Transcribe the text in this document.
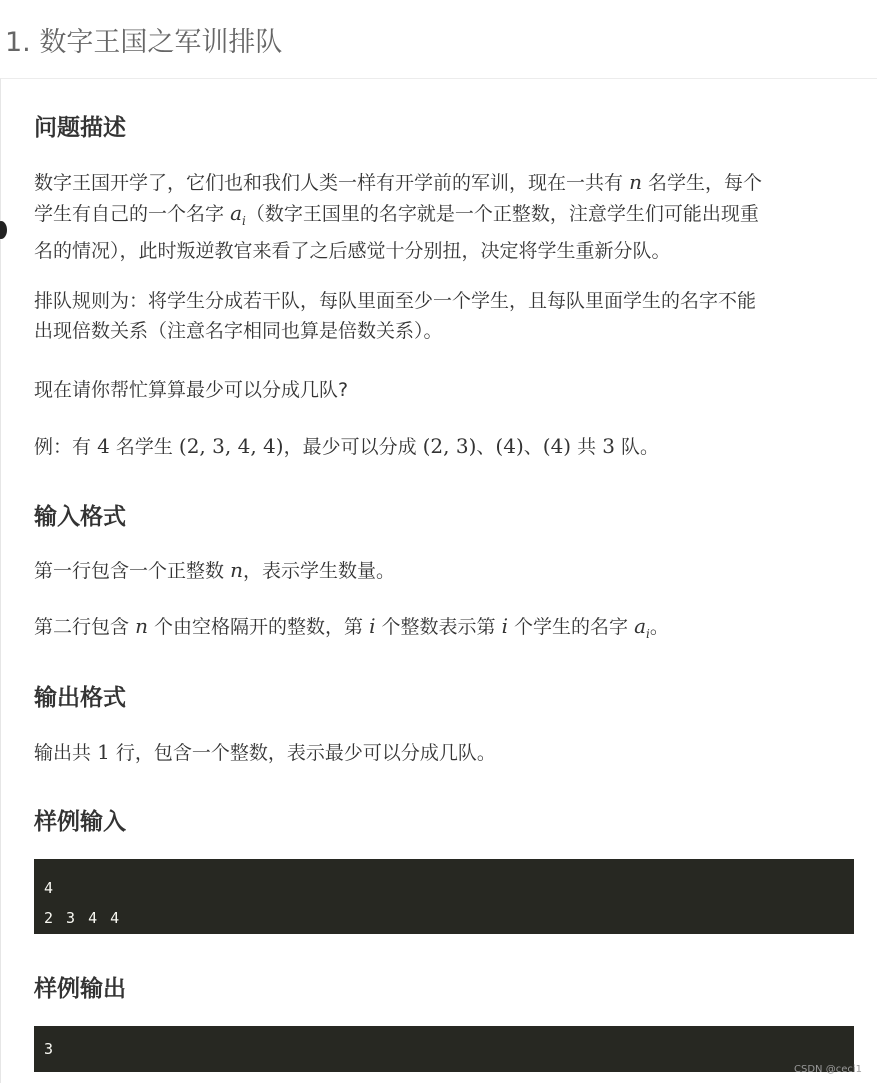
1. 数字王国之军训排队
问题描述
数字王国开学了，它们也和我们人类一样有开学前的军训，现在一共有 n 名学生，每个
学生有自己的一个名字 $a_i$（数字王国里的名字就是一个正整数，注意学生们可能出现重
名的情况），此时叛逆教官来看了之后感觉十分别扭，决定将学生重新分队。
排队规则为：将学生分成若干队，每队里面至少一个学生，且每队里面学生的名字不能
出现倍数关系（注意名字相同也算是倍数关系）。
现在请你帮忙算算最少可以分成几队?
例：有 4 名学生 (2, 3, 4, 4)，最少可以分成 (2, 3)、(4)、(4) 共 3 队。
输入格式
第一行包含一个正整数 n，表示学生数量。
第二行包含 n 个由空格隔开的整数，第 i 个整数表示第 i 个学生的名字 $a_i$。
输出格式
输出共 1 行，包含一个整数，表示最少可以分成几队。
样例输入
4
2 3 4 4
样例输出
3
CSDN @ceci1
